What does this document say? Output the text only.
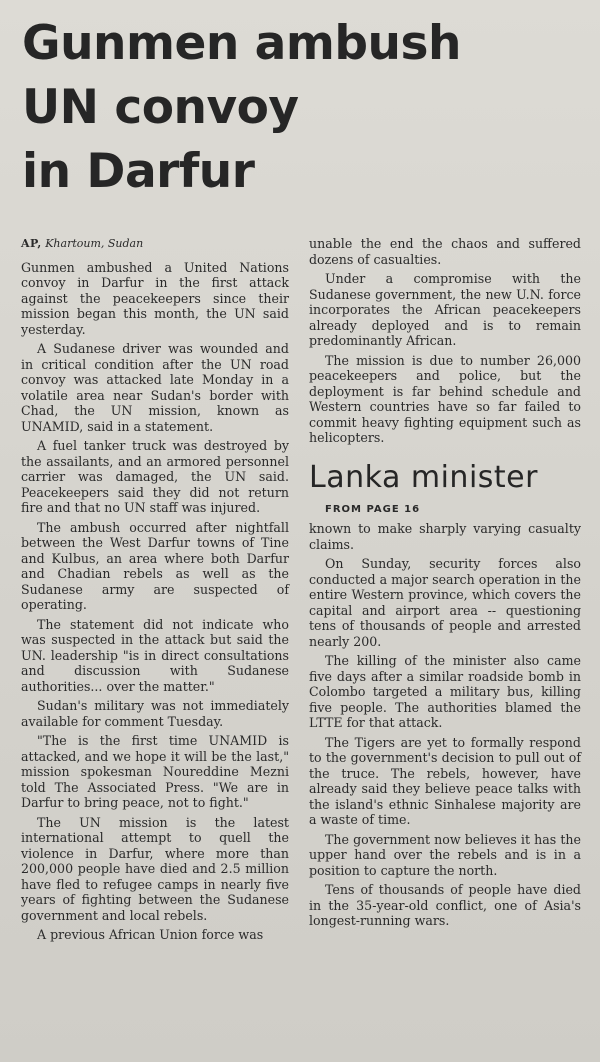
Gunmen ambush
UN convoy
in Darfur
AP, Khartoum, Sudan

Gunmen ambushed a United Nations convoy in Darfur in the first attack against the peacekeepers since their mission began this month, the UN said yesterday.

A Sudanese driver was wounded and in critical condition after the UN road convoy was attacked late Monday in a volatile area near Sudan's border with Chad, the UN mission, known as UNAMID, said in a statement.

A fuel tanker truck was destroyed by the assailants, and an armored personnel carrier was damaged, the UN said. Peacekeepers said they did not return fire and that no UN staff was injured.

The ambush occurred after nightfall between the West Darfur towns of Tine and Kulbus, an area where both Darfur and Chadian rebels as well as the Sudanese army are suspected of operating.

The statement did not indicate who was suspected in the attack but said the UN. leadership "is in direct consultations and discussion with Sudanese authorities... over the matter."

Sudan's military was not immediately available for comment Tuesday.

"The is the first time UNAMID is attacked, and we hope it will be the last," mission spokesman Noureddine Mezni told The Associated Press. "We are in Darfur to bring peace, not to fight."

The UN mission is the latest international attempt to quell the violence in Darfur, where more than 200,000 people have died and 2.5 million have fled to refugee camps in nearly five years of fighting between the Sudanese government and local rebels.

A previous African Union force was

unable the end the chaos and suffered dozens of casualties.

Under a compromise with the Sudanese government, the new U.N. force incorporates the African peacekeepers already deployed and is to remain predominantly African.

The mission is due to number 26,000 peacekeepers and police, but the deployment is far behind schedule and Western countries have so far failed to commit heavy fighting equipment such as helicopters.

Lanka minister

FROM PAGE 16

known to make sharply varying casualty claims.

On Sunday, security forces also conducted a major search operation in the entire Western province, which covers the capital and airport area -- questioning tens of thousands of people and arrested nearly 200.

The killing of the minister also came five days after a similar roadside bomb in Colombo targeted a military bus, killing five people. The authorities blamed the LTTE for that attack.

The Tigers are yet to formally respond to the government's decision to pull out of the truce. The rebels, however, have already said they believe peace talks with the island's ethnic Sinhalese majority are a waste of time.

The government now believes it has the upper hand over the rebels and is in a position to capture the north.

Tens of thousands of people have died in the 35-year-old conflict, one of Asia's longest-running wars.
